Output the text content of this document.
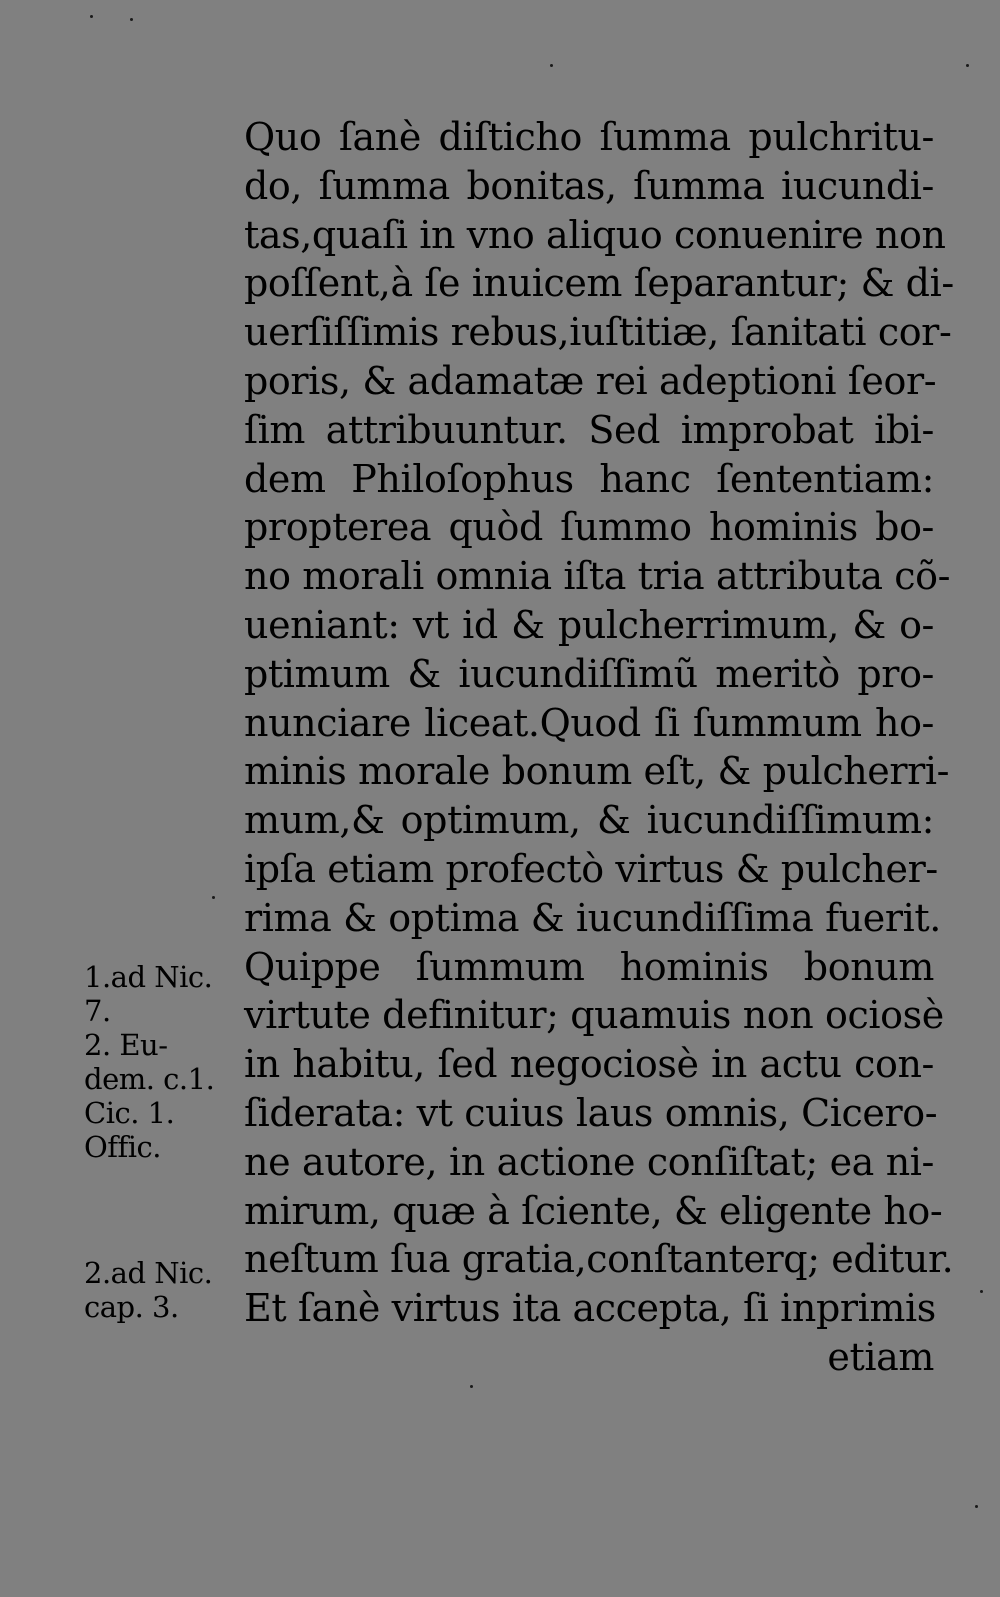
Quo ſanè diſticho ſumma pulchritu-
do, ſumma bonitas, ſumma iucundi-
tas,quaſi in vno aliquo conuenire non
poſſent,à ſe inuicem ſeparantur; & di-
uerſiſſimis rebus,iuſtitiæ, ſanitati cor-
poris, & adamatæ rei adeptioni ſeor-
ſim attribuuntur. Sed improbat ibi-
dem Philoſophus hanc ſententiam:
propterea quòd ſummo hominis bo-
no morali omnia iſta tria attributa cõ-
ueniant: vt id & pulcherrimum, & o-
ptimum & iucundiſſimũ meritò pro-
nunciare liceat.Quod ſi ſummum ho-
minis morale bonum eſt, & pulcherri-
mum,& optimum, & iucundiſſimum:
ipſa etiam profectò virtus & pulcher-
rima & optima & iucundiſſima fuerit.
Quippe ſummum hominis bonum
virtute definitur; quamuis non ociosè
in habitu, ſed negociosè in actu con-
ſiderata: vt cuius laus omnis, Cicero-
ne autore, in actione conſiſtat; ea ni-
mirum, quæ à ſciente, & eligente ho-
neſtum ſua gratia,conſtanterq; editur.
Et ſanè virtus ita accepta, ſi inprimis
etiam
1.ad Nic.
7.
2. Eu-
dem. c.1.
Cic. 1.
Offic.
2.ad Nic.
cap. 3.
